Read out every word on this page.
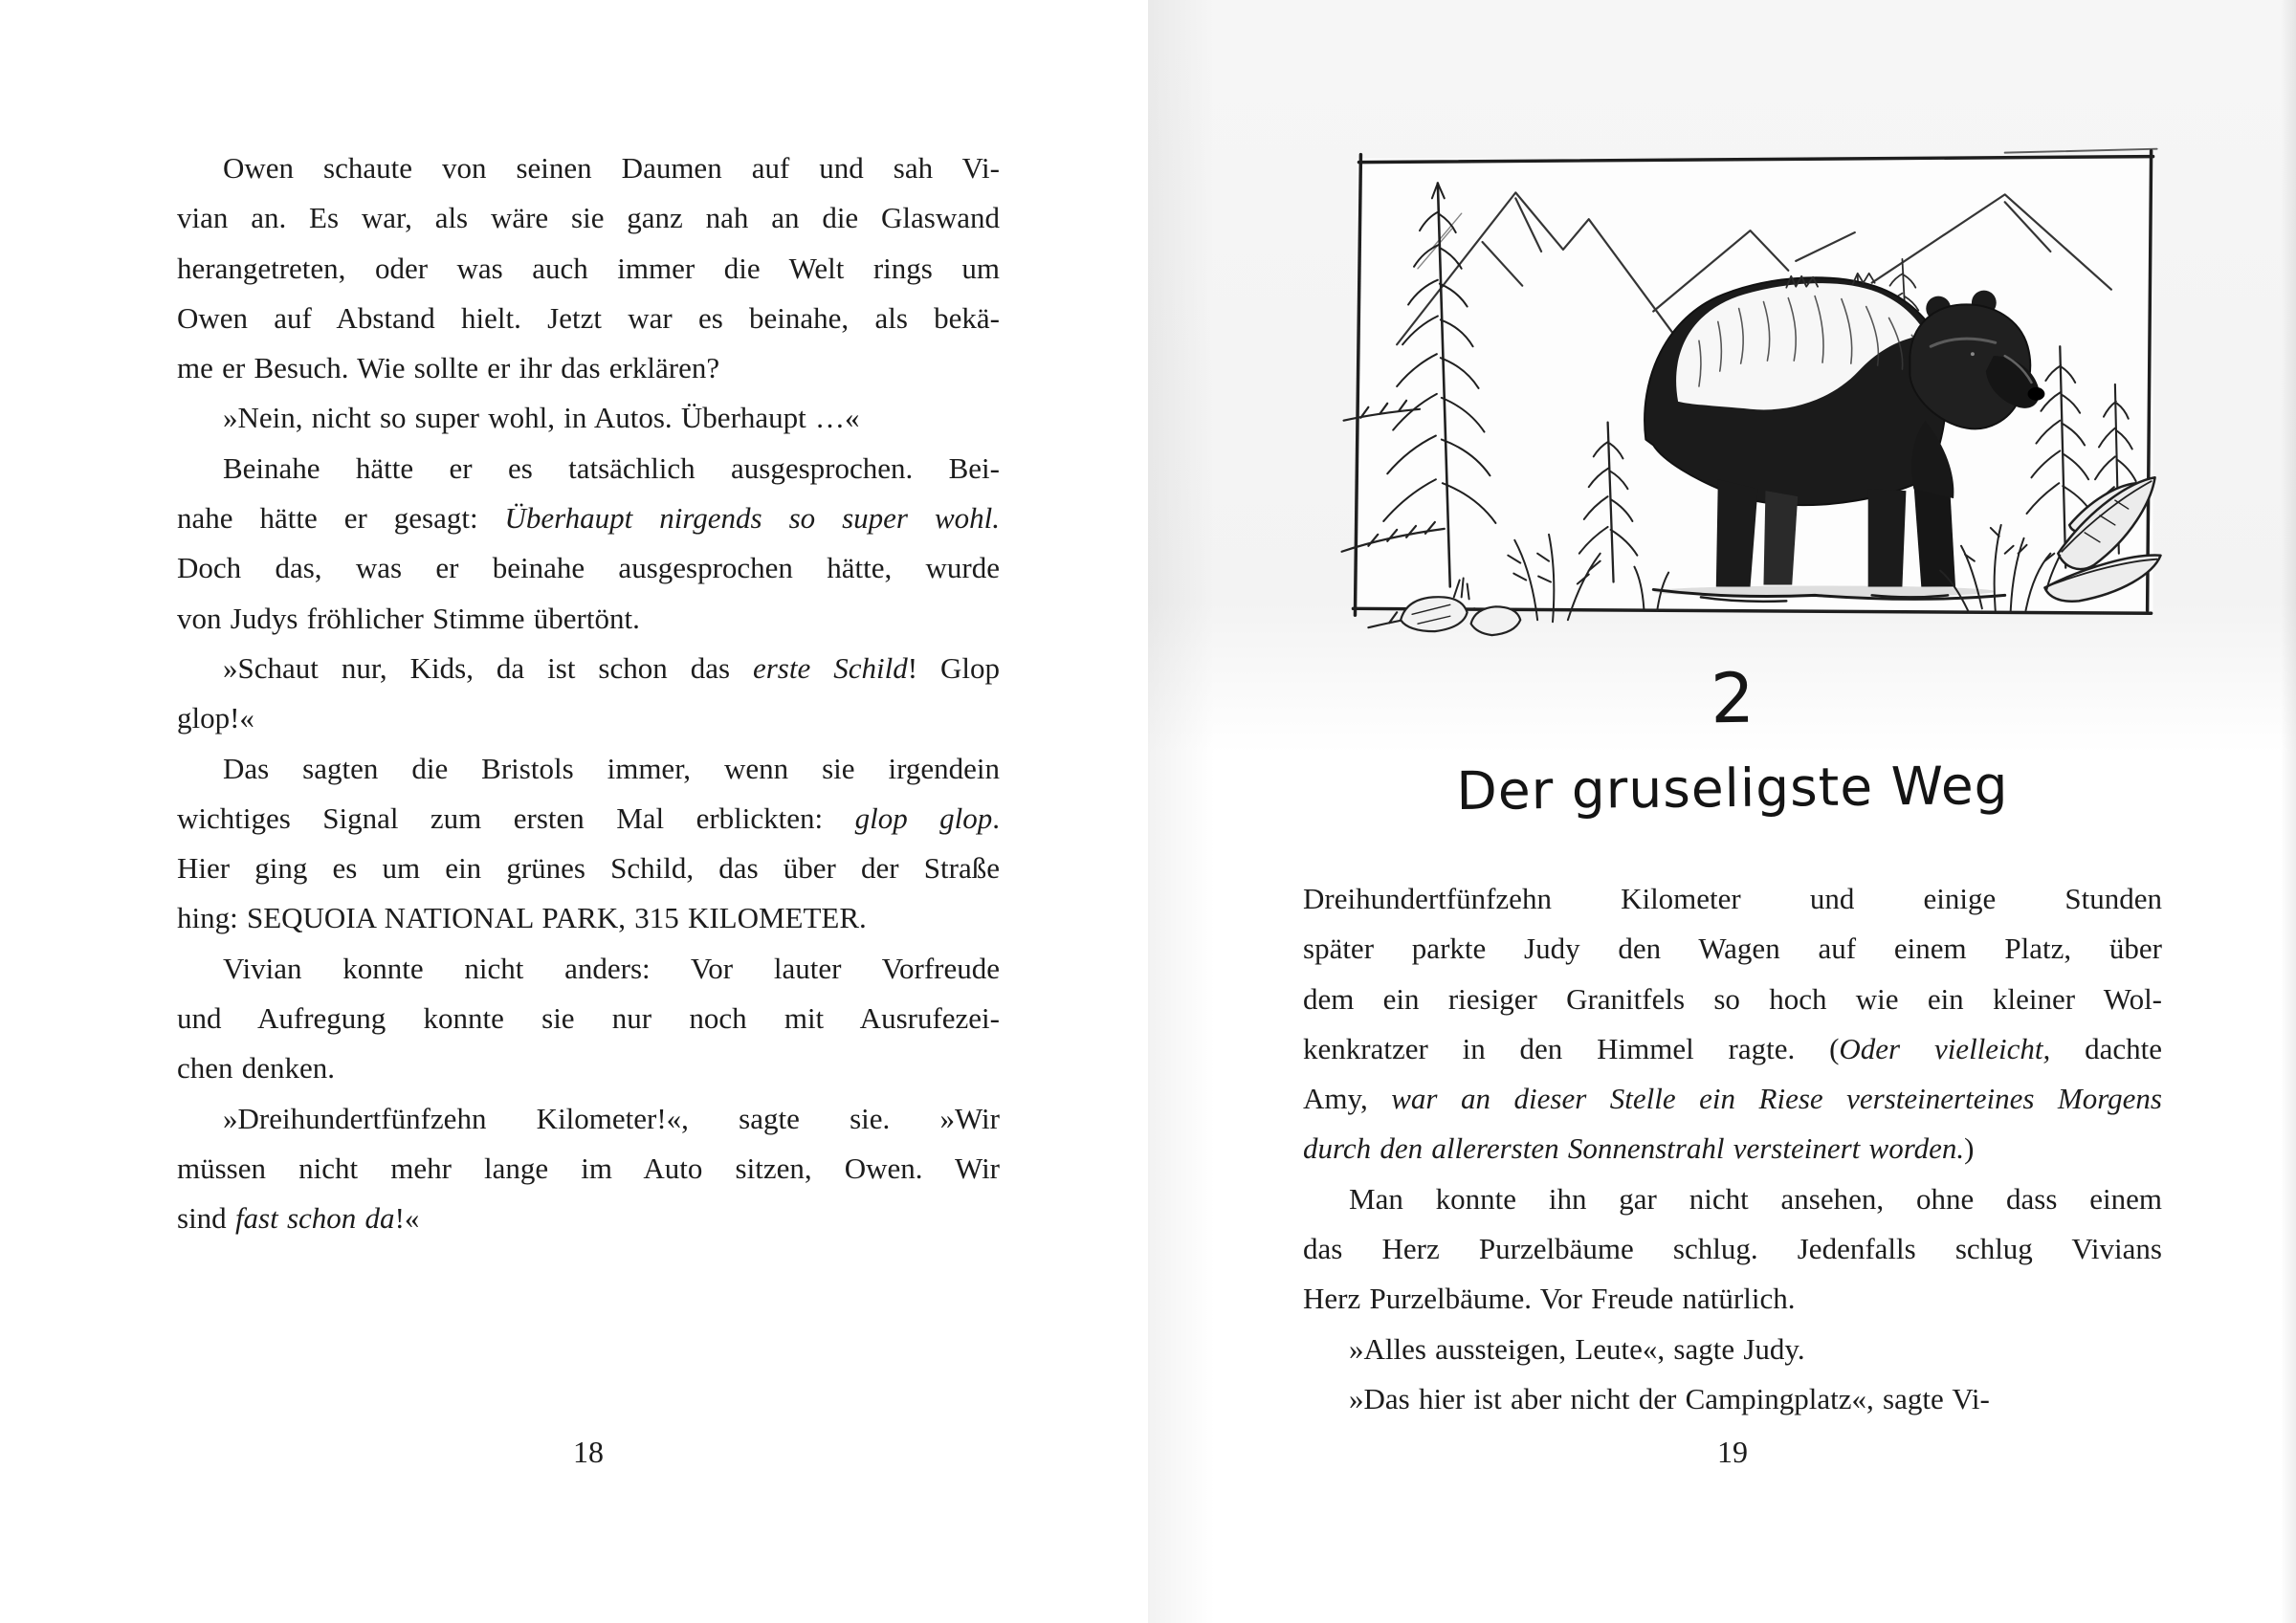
Owen schaute von seinen Daumen auf und sah Vi-
vian an. Es war, als wäre sie ganz nah an die Glaswand
herangetreten, oder was auch immer die Welt rings um
Owen auf Abstand hielt. Jetzt war es beinahe, als bekä-
me er Besuch. Wie sollte er ihr das erklären?
»Nein, nicht so super wohl, in Autos. Überhaupt …«
Beinahe hätte er es tatsächlich ausgesprochen. Bei-
nahe hätte er gesagt: Überhaupt nirgends so super wohl.
Doch das, was er beinahe ausgesprochen hätte, wurde
von Judys fröhlicher Stimme übertönt.
»Schaut nur, Kids, da ist schon das erste Schild! Glop
glop!«
Das sagten die Bristols immer, wenn sie irgendein
wichtiges Signal zum ersten Mal erblickten: glop glop.
Hier ging es um ein grünes Schild, das über der Straße
hing: SEQUOIA NATIONAL PARK, 315 KILOMETER.
Vivian konnte nicht anders: Vor lauter Vorfreude
und Aufregung konnte sie nur noch mit Ausrufezei-
chen denken.
»Dreihundertfünfzehn Kilometer!«, sagte sie. »Wir
müssen nicht mehr lange im Auto sitzen, Owen. Wir
sind fast schon da!«
18
2
Der gruseligste Weg
Dreihundertfünfzehn Kilometer und einige Stunden
später parkte Judy den Wagen auf einem Platz, über
dem ein riesiger Granitfels so hoch wie ein kleiner Wol-
kenkratzer in den Himmel ragte. (Oder vielleicht, dachte
Amy, war an dieser Stelle ein Riese versteinerteines Morgens
durch den allerersten Sonnenstrahl versteinert worden.)
Man konnte ihn gar nicht ansehen, ohne dass einem
das Herz Purzelbäume schlug. Jedenfalls schlug Vivians
Herz Purzelbäume. Vor Freude natürlich.
»Alles aussteigen, Leute«, sagte Judy.
»Das hier ist aber nicht der Campingplatz«, sagte Vi-
19
